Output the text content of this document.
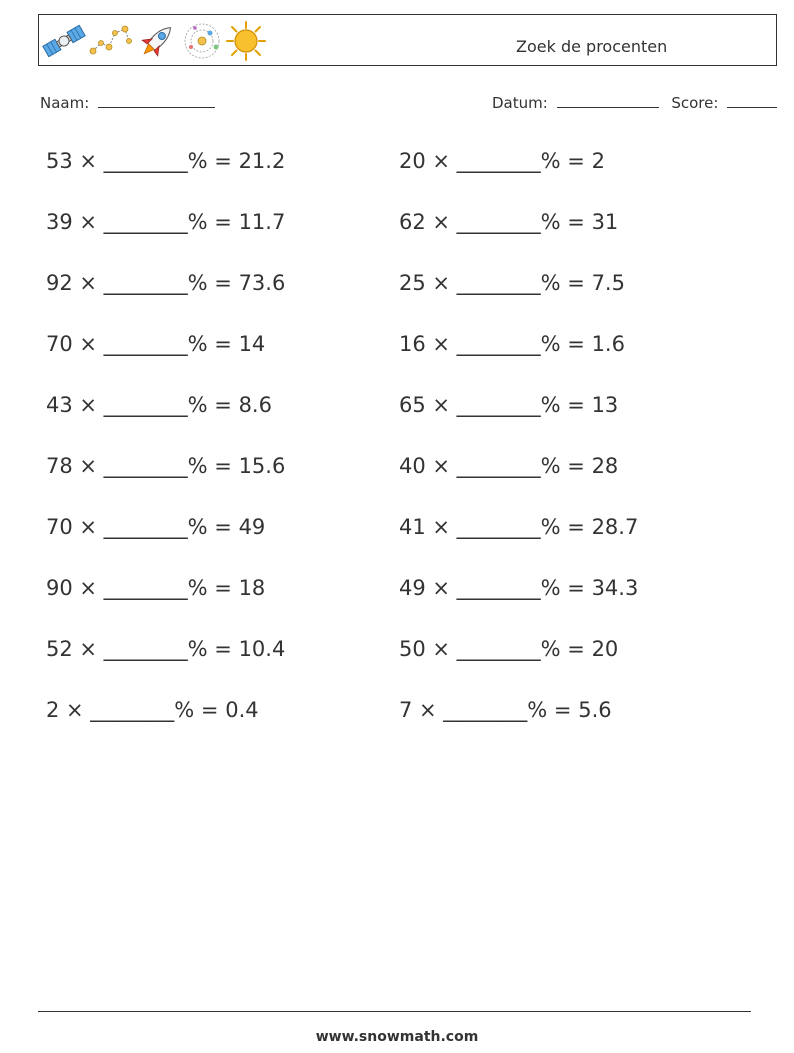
Zoek de procenten
Naam:	Datum:	Score:
53 × ________% = 21.2
39 × ________% = 11.7
92 × ________% = 73.6
70 × ________% = 14
43 × ________% = 8.6
78 × ________% = 15.6
70 × ________% = 49
90 × ________% = 18
52 × ________% = 10.4
2 × ________% = 0.4
20 × ________% = 2
62 × ________% = 31
25 × ________% = 7.5
16 × ________% = 1.6
65 × ________% = 13
40 × ________% = 28
41 × ________% = 28.7
49 × ________% = 34.3
50 × ________% = 20
7 × ________% = 5.6
www.snowmath.com
